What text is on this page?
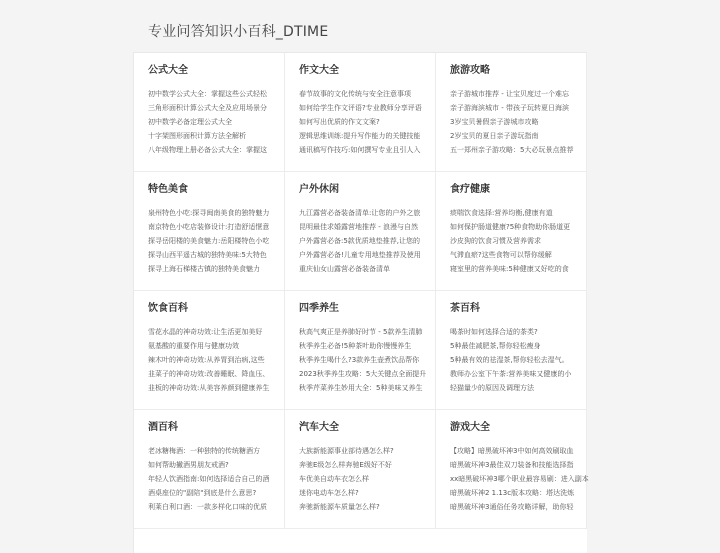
专业问答知识小百科_DTIME
公式大全
初中数学公式大全：掌握这些公式轻松
三角形面积计算公式大全及应用场景分
初中数学必备定理公式大全
十字架图形面积计算方法全解析
八年级物理上册必备公式大全：掌握这
作文大全
春节故事的文化传统与安全注意事项
如何给学生作文评语?专业教师分享评语
如何写出优质的作文文案?
逻辑思维训练:提升写作能力的关键技能
通讯稿写作技巧:如何撰写专业且引人入
旅游攻略
亲子游城市推荐 - 让宝贝度过一个难忘
亲子游海滨城市 - 带孩子玩转夏日海滨
3岁宝贝暑假亲子游城市攻略
2岁宝贝的夏日亲子游玩指南
五一郑州亲子游攻略：5大必玩景点推荐
特色美食
泉州特色小吃:探寻闽南美食的独特魅力
南京特色小吃店装修设计:打造舒适惬意
探寻岳阳楼的美食魅力:岳阳楼特色小吃
探寻山西平遥古城的独特美味:5大特色
探寻上海石梯楼古镇的独特美食魅力
户外休闲
九江露营必备装备清单:让您的户外之旅
昆明最佳求婚露营地推荐 - 浪漫与自然
户外露营必备:5款优质地垫推荐,让您的
户外露营必备!儿童专用地垫推荐及使用
重庆仙女山露营必备装备清单
食疗健康
痰喘饮食选择:营养均衡,健康有道
如何保护肠道健康?5种食物助你肠道更
沙皮狗的饮食习惯及营养需求
气滞血瘀?这些食物可以帮你缓解
寝室里的营养美味:5种健康又好吃的食
饮食百科
雪花水晶的神奇功效:让生活更加美好
氨基酸的重要作用与健康功效
辣木叶的神奇功效:从养胃到治病,这些
韭菜子的神奇功效:改善睡眠、降血压、
韭板的神奇功效:从美容养颜到健康养生
四季养生
秋高气爽正是养肺好时节 - 5款养生清肺
秋季养生必备!5种茶叶助你慢慢养生
秋季养生喝什么?3款养生壶煮饮品帮你
2023秋季养生攻略：5大关键点全面提升
秋季芹菜养生妙用大全：5种美味又养生
茶百科
喝茶时如何选择合适的茶类?
5种最佳减肥茶,帮你轻松瘦身
5种最有效的祛湿茶,帮你轻松去湿气。
教师办公室下午茶:营养美味又健康的小
轻猫量少的原因及调理方法
酒百科
老冰糖梅酒：一种独特的传统糖酒方
如何帮助撇酒男朋友戒酒?
年轻人饮酒指南:如何选择适合自己的酒
酒桌座位的"副陪"到底是什么意思?
利莱白利口酒：一款多样化口味的优质
汽车大全
大族新能源事业部待遇怎么样?
奔驰E级怎么样奔驰E级好不好
车优美自动车衣怎么样
迷你电动车怎么样?
奔驰新能源车质量怎么样?
游戏大全
【攻略】暗黑破坏神3中如何高效刷取血
暗黑破坏神3最佳双刀装备和技能选择指
xx暗黑破坏神3哪个职业最容易刷：进入副本
暗黑破坏神2 1.13c版本攻略：塔达洗炼
暗黑破坏神3通俗任务攻略详解，助你轻
